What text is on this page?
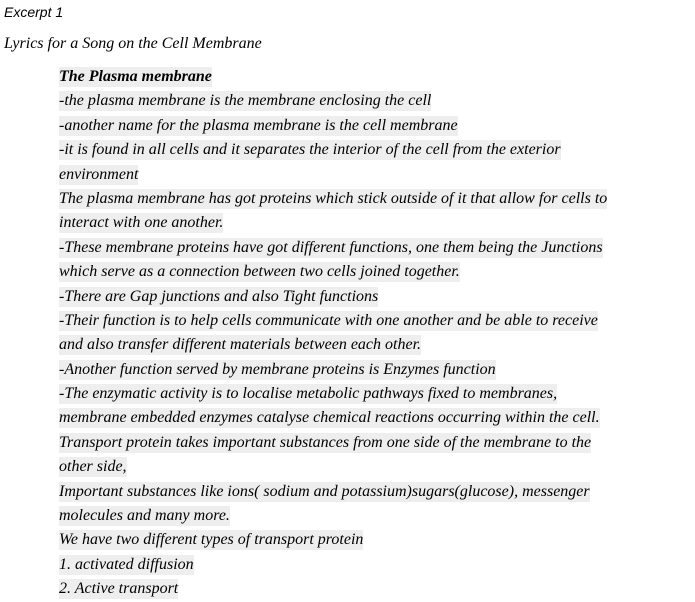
Excerpt 1
Lyrics for a Song on the Cell Membrane
The Plasma membrane
-the plasma membrane is the membrane enclosing the cell
-another name for the plasma membrane is the cell membrane
-it is found in all cells and it separates the interior of the cell from the exterior
environment
The plasma membrane has got proteins which stick outside of it that allow for cells to
interact with one another.
-These membrane proteins have got different functions, one them being the Junctions
which serve as a connection between two cells joined together.
-There are Gap junctions and also Tight functions
-Their function is to help cells communicate with one another and be able to receive
and also transfer different materials between each other.
-Another function served by membrane proteins is Enzymes function
-The enzymatic activity is to localise metabolic pathways fixed to membranes,
membrane embedded enzymes catalyse chemical reactions occurring within the cell.
Transport protein takes important substances from one side of the membrane to the
other side,
Important substances like ions( sodium and potassium)sugars(glucose), messenger
molecules and many more.
We have two different types of transport protein
1. activated diffusion
2. Active transport
